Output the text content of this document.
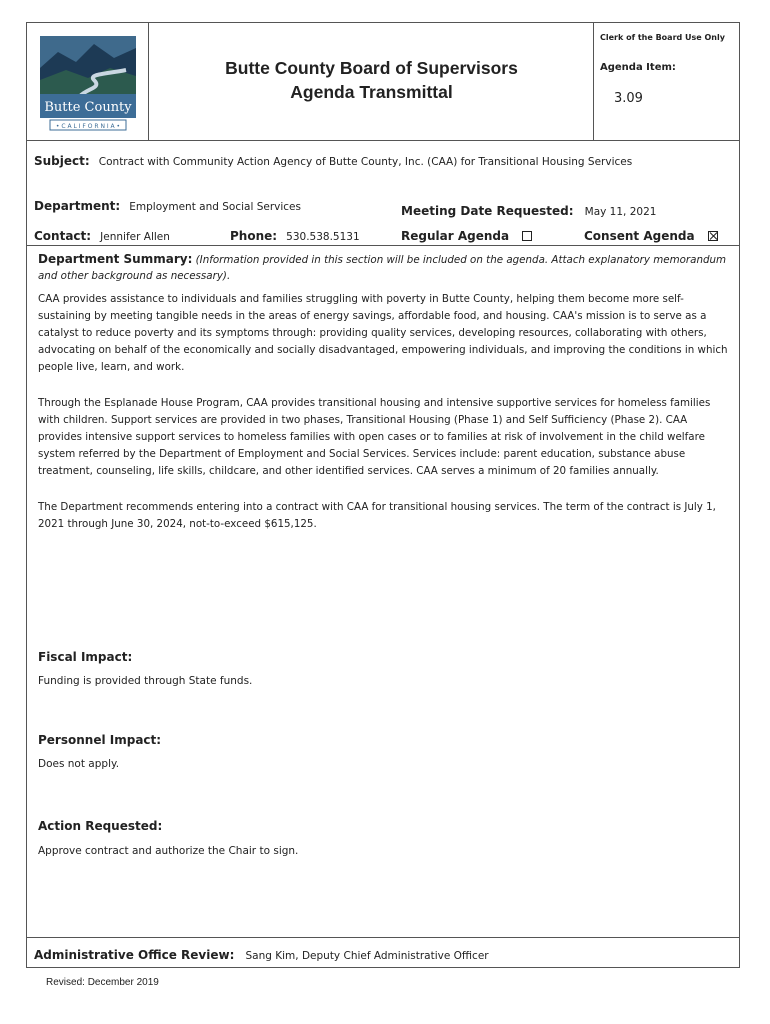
Butte County
• C A L I F O R N I A •
Butte County Board of Supervisors
Agenda Transmittal
Clerk of the Board Use Only
Agenda Item:
3.09
Subject: Contract with Community Action Agency of Butte County, Inc. (CAA) for Transitional Housing Services
Department: Employment and Social Services	Meeting Date Requested: May 11, 2021
Contact: Jennifer Allen	Phone: 530.538.5131	Regular Agenda	Consent Agenda
Department Summary: (Information provided in this section will be included on the agenda. Attach explanatory memorandum and other background as necessary).
CAA provides assistance to individuals and families struggling with poverty in Butte County, helping them become more self-sustaining by meeting tangible needs in the areas of energy savings, affordable food, and housing. CAA's mission is to serve as a catalyst to reduce poverty and its symptoms through: providing quality services, developing resources, collaborating with others, advocating on behalf of the economically and socially disadvantaged, empowering individuals, and improving the conditions in which people live, learn, and work.
Through the Esplanade House Program, CAA provides transitional housing and intensive supportive services for homeless families with children. Support services are provided in two phases, Transitional Housing (Phase 1) and Self Sufficiency (Phase 2). CAA provides intensive support services to homeless families with open cases or to families at risk of involvement in the child welfare system referred by the Department of Employment and Social Services. Services include: parent education, substance abuse treatment, counseling, life skills, childcare, and other identified services. CAA serves a minimum of 20 families annually.
The Department recommends entering into a contract with CAA for transitional housing services. The term of the contract is July 1, 2021 through June 30, 2024, not-to-exceed $615,125.
Fiscal Impact:
Funding is provided through State funds.
Personnel Impact:
Does not apply.
Action Requested:
Approve contract and authorize the Chair to sign.
Administrative Office Review: Sang Kim, Deputy Chief Administrative Officer
Revised: December 2019
